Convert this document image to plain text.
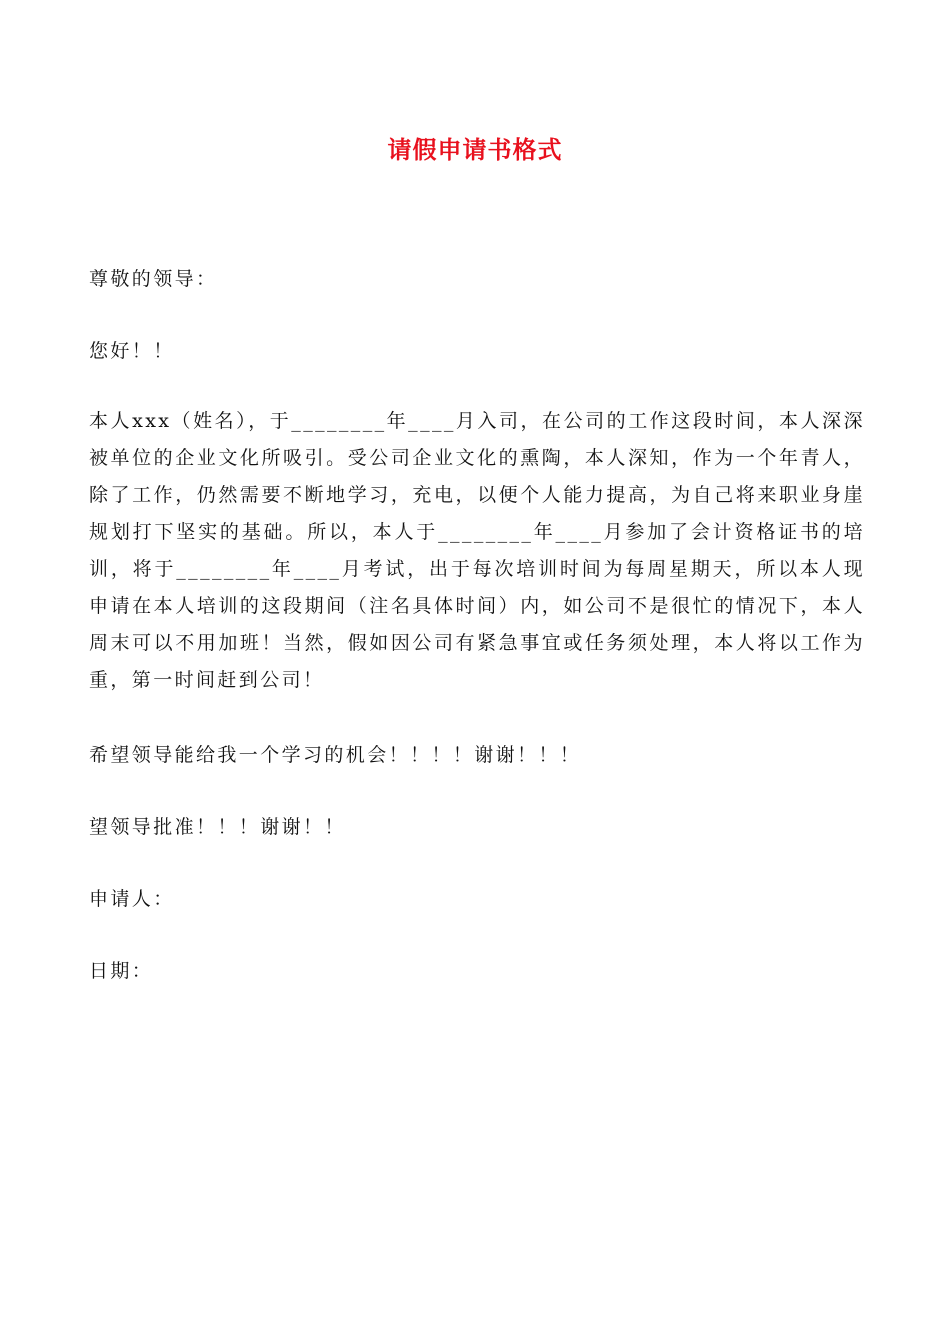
请假申请书格式

尊敬的领导：

您好！！

本人xxx（姓名），于________年____月入司，在公司的工作这段时间，本人深深被单位的企业文化所吸引。受公司企业文化的熏陶，本人深知，作为一个年青人，除了工作，仍然需要不断地学习，充电，以便个人能力提高，为自己将来职业身崖规划打下坚实的基础。所以，本人于________年____月参加了会计资格证书的培训，将于________年____月考试，出于每次培训时间为每周星期天，所以本人现申请在本人培训的这段期间（注名具体时间）内，如公司不是很忙的情况下，本人周末可以不用加班！当然，假如因公司有紧急事宜或任务须处理，本人将以工作为重，第一时间赶到公司！

希望领导能给我一个学习的机会！！！！谢谢！！！

望领导批准！！！谢谢！！

申请人：

日期：
